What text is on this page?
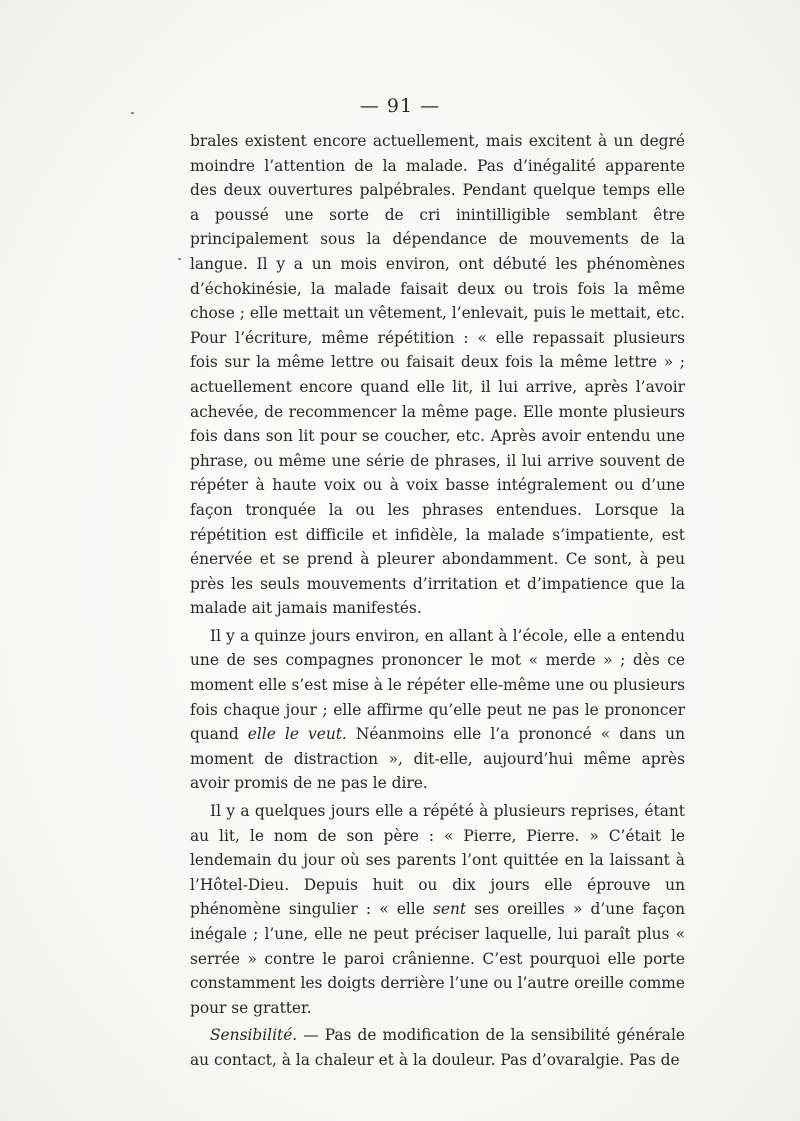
— 91 —

brales existent encore actuellement, mais excitent à un degré moindre l’attention de la malade. Pas d’inégalité apparente des deux ouvertures palpébrales. Pendant quelque temps elle a poussé une sorte de cri inintilligible semblant être principalement sous la dépendance de mouvements de la langue. Il y a un mois environ, ont débuté les phénomènes d’échokinésie, la malade faisait deux ou trois fois la même chose ; elle mettait un vêtement, l’enlevait, puis le mettait, etc. Pour l’écriture, même répétition : « elle repassait plusieurs fois sur la même lettre ou faisait deux fois la même lettre » ; actuellement encore quand elle lit, il lui arrive, après l’avoir achevée, de recommencer la même page. Elle monte plusieurs fois dans son lit pour se coucher, etc. Après avoir entendu une phrase, ou même une série de phrases, il lui arrive souvent de répéter à haute voix ou à voix basse intégralement ou d’une façon tronquée la ou les phrases entendues. Lorsque la répétition est difficile et infidèle, la malade s’impatiente, est énervée et se prend à pleurer abondamment. Ce sont, à peu près les seuls mouvements d’irritation et d’impatience que la malade ait jamais manifestés.

Il y a quinze jours environ, en allant à l’école, elle a entendu une de ses compagnes prononcer le mot « merde » ; dès ce moment elle s’est mise à le répéter elle-même une ou plusieurs fois chaque jour ; elle affirme qu’elle peut ne pas le prononcer quand elle le veut. Néanmoins elle l’a prononcé « dans un moment de distraction », dit-elle, aujourd’hui même après avoir promis de ne pas le dire.

Il y a quelques jours elle a répété à plusieurs reprises, étant au lit, le nom de son père : « Pierre, Pierre. » C’était le lendemain du jour où ses parents l’ont quittée en la laissant à l’Hôtel-Dieu. Depuis huit ou dix jours elle éprouve un phénomène singulier : « elle sent ses oreilles » d’une façon inégale ; l’une, elle ne peut préciser laquelle, lui paraît plus « serrée » contre le paroi crânienne. C’est pourquoi elle porte constamment les doigts derrière l’une ou l’autre oreille comme pour se gratter.

Sensibilité. — Pas de modification de la sensibilité générale au contact, à la chaleur et à la douleur. Pas d’ovaralgie. Pas de
